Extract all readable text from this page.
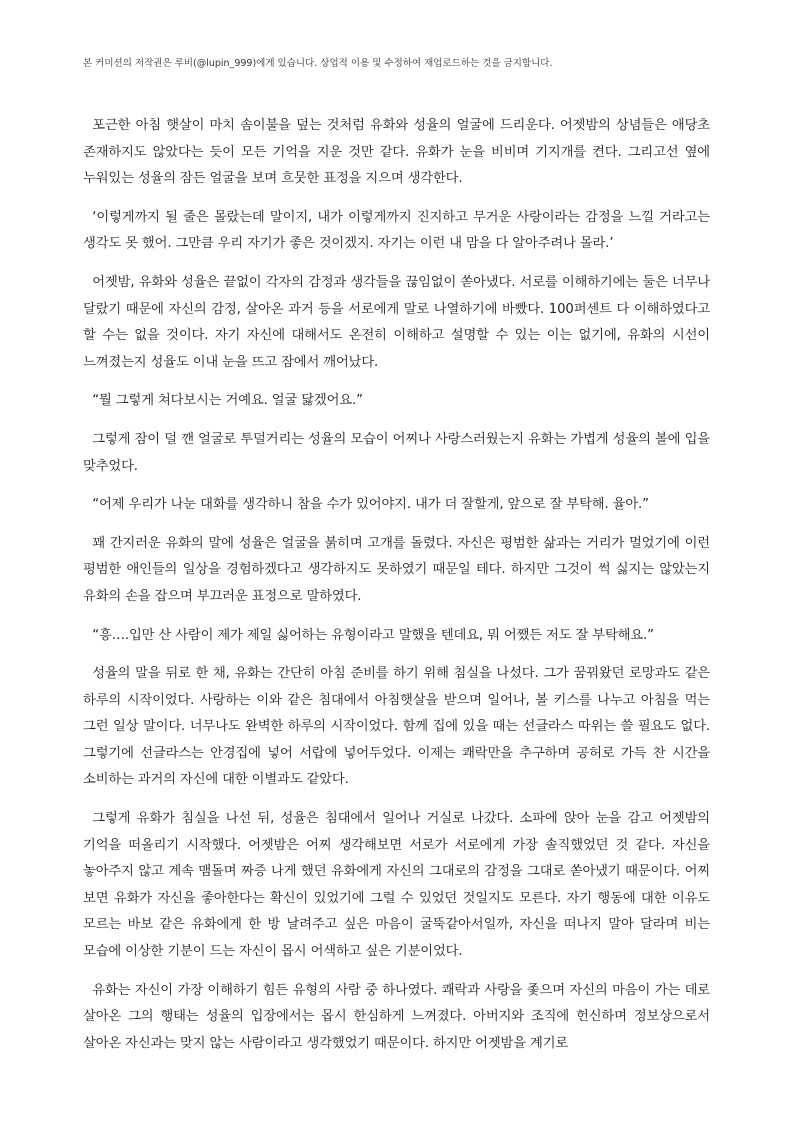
본 커미션의 저작권은 루비(@lupin_999)에게 있습니다. 상업적 이용 및 수정하여 재업로드하는 것을 금지합니다.

포근한 아침 햇살이 마치 솜이불을 덮는 것처럼 유화와 성율의 얼굴에 드리운다. 어젯밤의 상념들은 애당초 존재하지도 않았다는 듯이 모든 기억을 지운 것만 같다. 유화가 눈을 비비며 기지개를 켠다. 그리고선 옆에 누워있는 성율의 잠든 얼굴을 보며 흐뭇한 표정을 지으며 생각한다.

‘이렇게까지 될 줄은 몰랐는데 말이지, 내가 이렇게까지 진지하고 무거운 사랑이라는 감정을 느낄 거라고는 생각도 못 했어. 그만큼 우리 자기가 좋은 것이겠지. 자기는 이런 내 맘을 다 알아주려나 몰라.’

어젯밤, 유화와 성율은 끝없이 각자의 감정과 생각들을 끊임없이 쏟아냈다. 서로를 이해하기에는 둘은 너무나 달랐기 때문에 자신의 감정, 살아온 과거 등을 서로에게 말로 나열하기에 바빴다. 100퍼센트 다 이해하였다고 할 수는 없을 것이다. 자기 자신에 대해서도 온전히 이해하고 설명할 수 있는 이는 없기에, 유화의 시선이 느껴졌는지 성율도 이내 눈을 뜨고 잠에서 깨어났다.

“뭘 그렇게 쳐다보시는 거예요. 얼굴 닳겠어요.”

그렇게 잠이 덜 깬 얼굴로 투덜거리는 성율의 모습이 어찌나 사랑스러웠는지 유화는 가볍게 성율의 볼에 입을 맞추었다.

“어제 우리가 나눈 대화를 생각하니 참을 수가 있어야지. 내가 더 잘할게, 앞으로 잘 부탁해. 율아.”

꽤 간지러운 유화의 말에 성율은 얼굴을 붉히며 고개를 돌렸다. 자신은 평범한 삶과는 거리가 멀었기에 이런 평범한 애인들의 일상을 경험하겠다고 생각하지도 못하였기 때문일 테다. 하지만 그것이 썩 싫지는 않았는지 유화의 손을 잡으며 부끄러운 표정으로 말하였다.

“흥….입만 산 사람이 제가 제일 싫어하는 유형이라고 말했을 텐데요, 뭐 어쨌든 저도 잘 부탁해요.”

성율의 말을 뒤로 한 채, 유화는 간단히 아침 준비를 하기 위해 침실을 나섰다. 그가 꿈꿔왔던 로망과도 같은 하루의 시작이었다. 사랑하는 이와 같은 침대에서 아침햇살을 받으며 일어나, 볼 키스를 나누고 아침을 먹는 그런 일상 말이다. 너무나도 완벽한 하루의 시작이었다. 함께 집에 있을 때는 선글라스 따위는 쓸 필요도 없다. 그렇기에 선글라스는 안경집에 넣어 서랍에 넣어두었다. 이제는 쾌락만을 추구하며 공허로 가득 찬 시간을 소비하는 과거의 자신에 대한 이별과도 같았다.

그렇게 유화가 침실을 나선 뒤, 성율은 침대에서 일어나 거실로 나갔다. 소파에 앉아 눈을 감고 어젯밤의 기억을 떠올리기 시작했다. 어젯밤은 어찌 생각해보면 서로가 서로에게 가장 솔직했었던 것 같다. 자신을 놓아주지 않고 계속 맴돌며 짜증 나게 했던 유화에게 자신의 그대로의 감정을 그대로 쏟아냈기 때문이다. 어찌 보면 유화가 자신을 좋아한다는 확신이 있었기에 그럴 수 있었던 것일지도 모른다. 자기 행동에 대한 이유도 모르는 바보 같은 유화에게 한 방 날려주고 싶은 마음이 굴뚝같아서일까, 자신을 떠나지 말아 달라며 비는 모습에 이상한 기분이 드는 자신이 몹시 어색하고 싶은 기분이었다.

유화는 자신이 가장 이해하기 힘든 유형의 사람 중 하나였다. 쾌락과 사랑을 좇으며 자신의 마음이 가는 데로 살아온 그의 행태는 성율의 입장에서는 몹시 한심하게 느껴졌다. 아버지와 조직에 헌신하며 정보상으로서 살아온 자신과는 맞지 않는 사람이라고 생각했었기 때문이다. 하지만 어젯밤을 계기로
